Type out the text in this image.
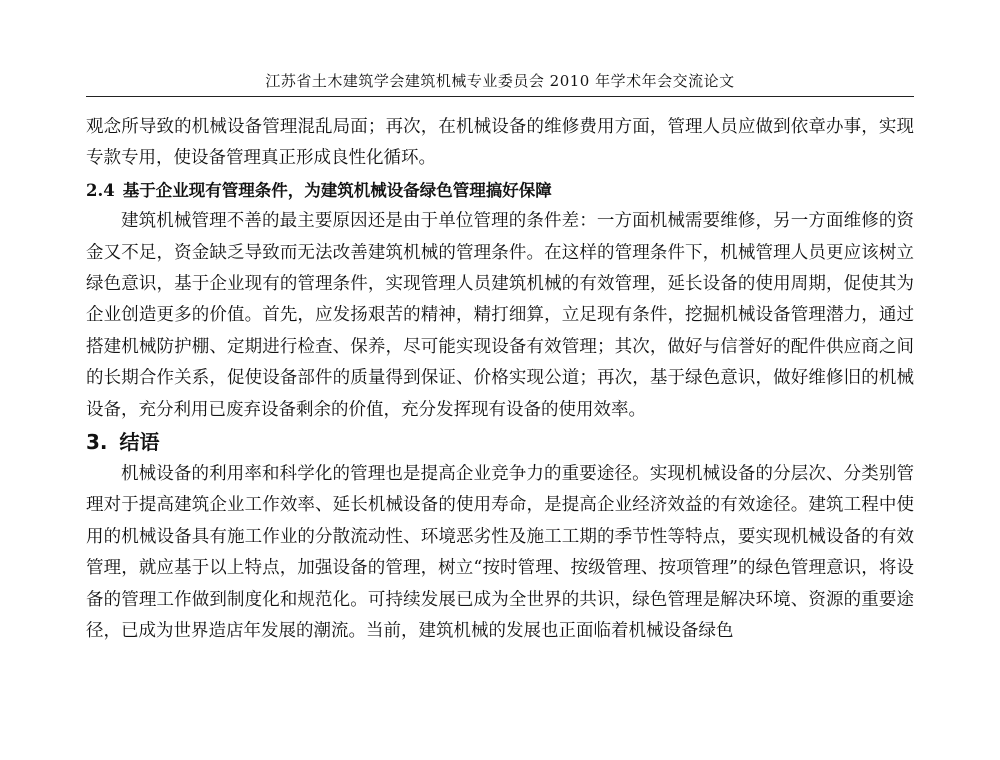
江苏省土木建筑学会建筑机械专业委员会 2010 年学术年会交流论文

观念所导致的机械设备管理混乱局面；再次，在机械设备的维修费用方面，管理人员应做到依章办事，实现专款专用，使设备管理真正形成良性化循环。

2.4 基于企业现有管理条件，为建筑机械设备绿色管理搞好保障

建筑机械管理不善的最主要原因还是由于单位管理的条件差：一方面机械需要维修，另一方面维修的资金又不足，资金缺乏导致而无法改善建筑机械的管理条件。在这样的管理条件下，机械管理人员更应该树立绿色意识，基于企业现有的管理条件，实现管理人员建筑机械的有效管理，延长设备的使用周期，促使其为企业创造更多的价值。首先，应发扬艰苦的精神，精打细算，立足现有条件，挖掘机械设备管理潜力，通过搭建机械防护棚、定期进行检查、保养，尽可能实现设备有效管理；其次，做好与信誉好的配件供应商之间的长期合作关系，促使设备部件的质量得到保证、价格实现公道；再次，基于绿色意识，做好维修旧的机械设备，充分利用已废弃设备剩余的价值，充分发挥现有设备的使用效率。

3. 结语

机械设备的利用率和科学化的管理也是提高企业竞争力的重要途径。实现机械设备的分层次、分类别管理对于提高建筑企业工作效率、延长机械设备的使用寿命，是提高企业经济效益的有效途径。建筑工程中使用的机械设备具有施工作业的分散流动性、环境恶劣性及施工工期的季节性等特点，要实现机械设备的有效管理，就应基于以上特点，加强设备的管理，树立“按时管理、按级管理、按项管理”的绿色管理意识，将设备的管理工作做到制度化和规范化。可持续发展已成为全世界的共识，绿色管理是解决环境、资源的重要途径，已成为世界造店年发展的潮流。当前，建筑机械的发展也正面临着机械设备绿色
